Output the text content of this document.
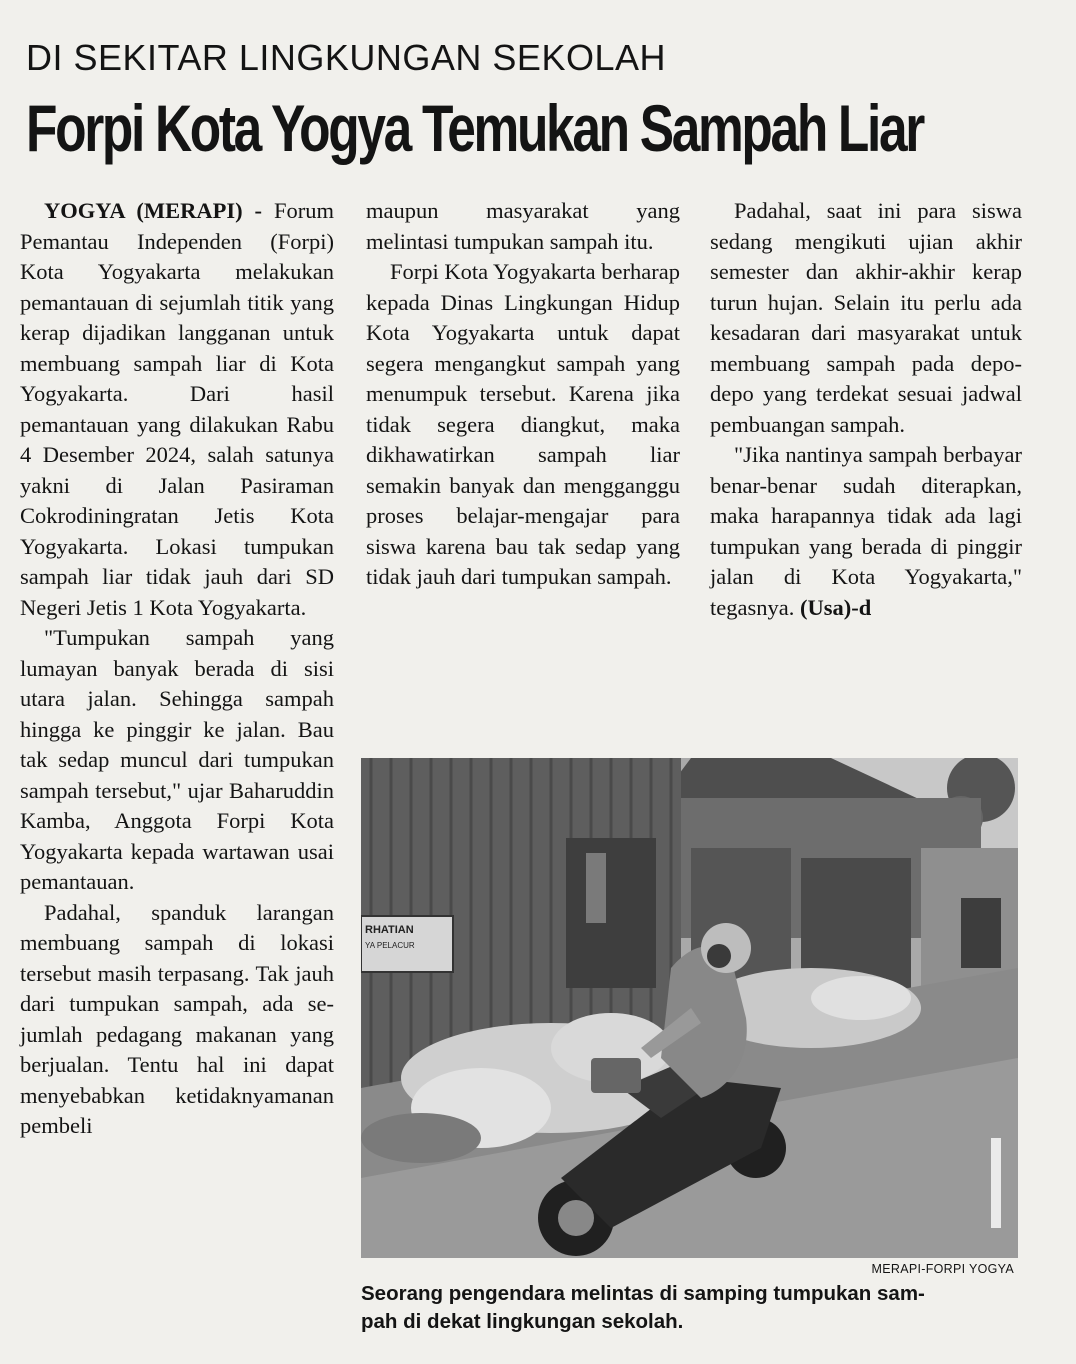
DI SEKITAR LINGKUNGAN SEKOLAH
Forpi Kota Yogya Temukan Sampah Liar

YOGYA (MERAPI) - Forum Pemantau Independen (Forpi) Kota Yogyakarta melakukan pemantauan di sejumlah titik yang kerap dijadikan langganan untuk membuang sampah liar di Kota Yogyakarta. Dari hasil pemantauan yang dilakukan Rabu 4 Desember 2024, salah satunya yakni di Jalan Pasiraman Cokrodiningratan Jetis Kota Yogyakarta. Lokasi tumpukan sampah liar tidak jauh dari SD Negeri Jetis 1 Kota Yogyakarta.

"Tumpukan sampah yang lumayan banyak berada di sisi utara jalan. Sehingga sampah hingga ke pinggir ke jalan. Bau tak sedap muncul dari tumpukan sampah tersebut," ujar Baharuddin Kamba, Anggota Forpi Kota Yogyakarta kepada wartawan usai pemantauan.

Padahal, spanduk larangan membuang sampah di lokasi tersebut masih terpasang. Tak jauh dari tumpukan sampah, ada sejumlah pedagang makanan yang berjualan. Tentu hal ini dapat menyebabkan ketidaknyamanan pembeli

maupun masyarakat yang melintasi tumpukan sampah itu.

Forpi Kota Yogyakarta berharap kepada Dinas Lingkungan Hidup Kota Yogyakarta untuk dapat segera mengangkut sampah yang menumpuk tersebut. Karena jika tidak segera diangkut, maka dikhawatirkan sampah liar semakin banyak dan mengganggu proses belajar-mengajar para siswa karena bau tak sedap yang tidak jauh dari tumpukan sampah.

Padahal, saat ini para siswa sedang mengikuti ujian akhir semester dan akhir-akhir kerap turun hujan. Selain itu perlu ada kesadaran dari masyarakat untuk membuang sampah pada depo-depo yang terdekat sesuai jadwal pembuangan sampah.

"Jika nantinya sampah berbayar benar-benar sudah diterapkan, maka harapannya tidak ada lagi tumpukan yang berada di pinggir jalan di Kota Yogyakarta," tegasnya. (Usa)-d

RHATIAN
YA PELACUR

MERAPI-FORPI YOGYA

Seorang pengendara melintas di samping tumpukan sam-
pah di dekat lingkungan sekolah.
